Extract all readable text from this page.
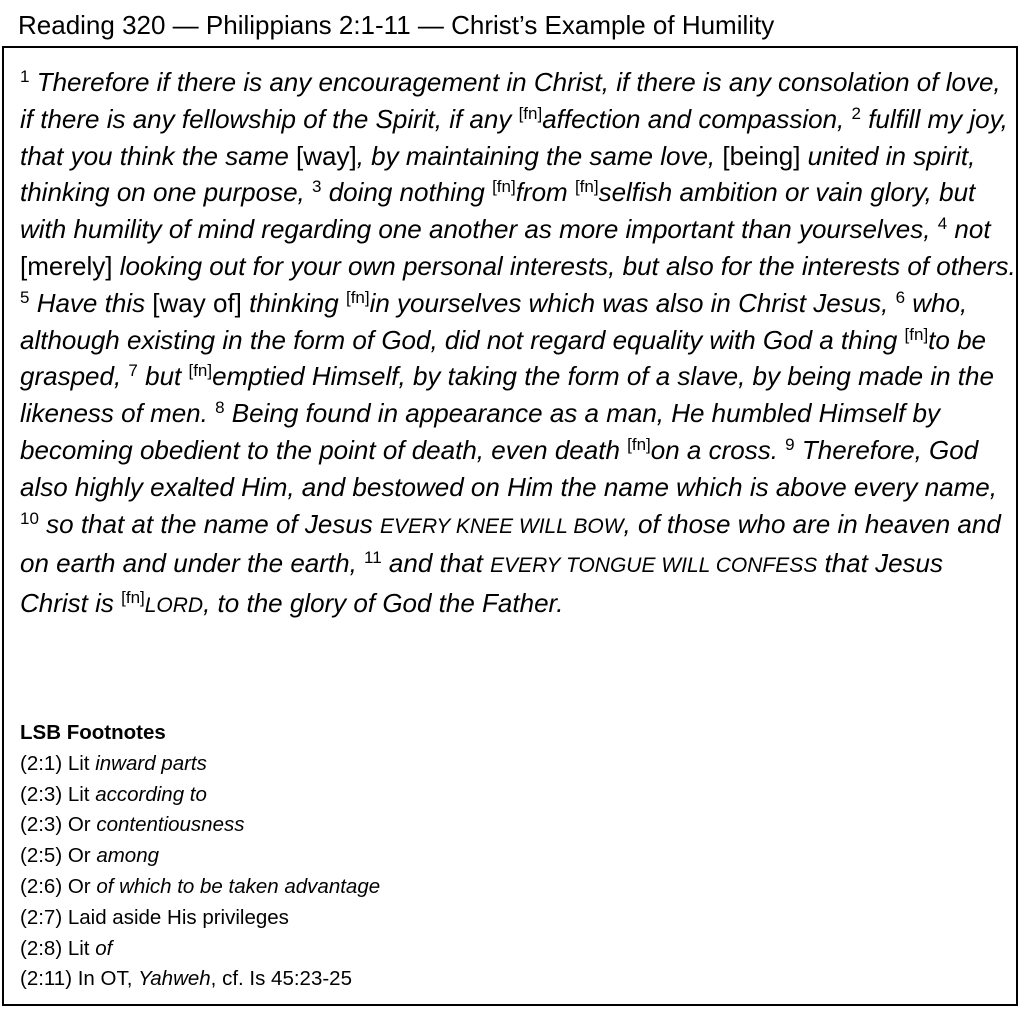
Reading 320 — Philippians 2:1-11 — Christ’s Example of Humility
$^1$ Therefore if there is any encouragement in Christ, if there is any consolation of love, if there is any fellowship of the Spirit, if any [fn]affection and compassion, $^2$ fulfill my joy, that you think the same [way], by maintaining the same love, [being] united in spirit, thinking on one purpose, $^3$ doing nothing [fn]from [fn]selfish ambition or vain glory, but with humility of mind regarding one another as more important than yourselves, $^4$ not [merely] looking out for your own personal interests, but also for the interests of others. $^5$ Have this [way of] thinking [fn]in yourselves which was also in Christ Jesus, $^6$ who, although existing in the form of God, did not regard equality with God a thing [fn]to be grasped, $^7$ but [fn]emptied Himself, by taking the form of a slave, by being made in the likeness of men. $^8$ Being found in appearance as a man, He humbled Himself by becoming obedient to the point of death, even death [fn]on a cross. $^9$ Therefore, God also highly exalted Him, and bestowed on Him the name which is above every name, $^{10}$ so that at the name of Jesus EVERY KNEE WILL BOW, of those who are in heaven and on earth and under the earth, $^{11}$ and that EVERY TONGUE WILL CONFESS that Jesus Christ is [fn]LORD, to the glory of God the Father.
LSB Footnotes
(2:1) Lit inward parts
(2:3) Lit according to
(2:3) Or contentiousness
(2:5) Or among
(2:6) Or of which to be taken advantage
(2:7) Laid aside His privileges
(2:8) Lit of
(2:11) In OT, Yahweh, cf. Is 45:23-25
